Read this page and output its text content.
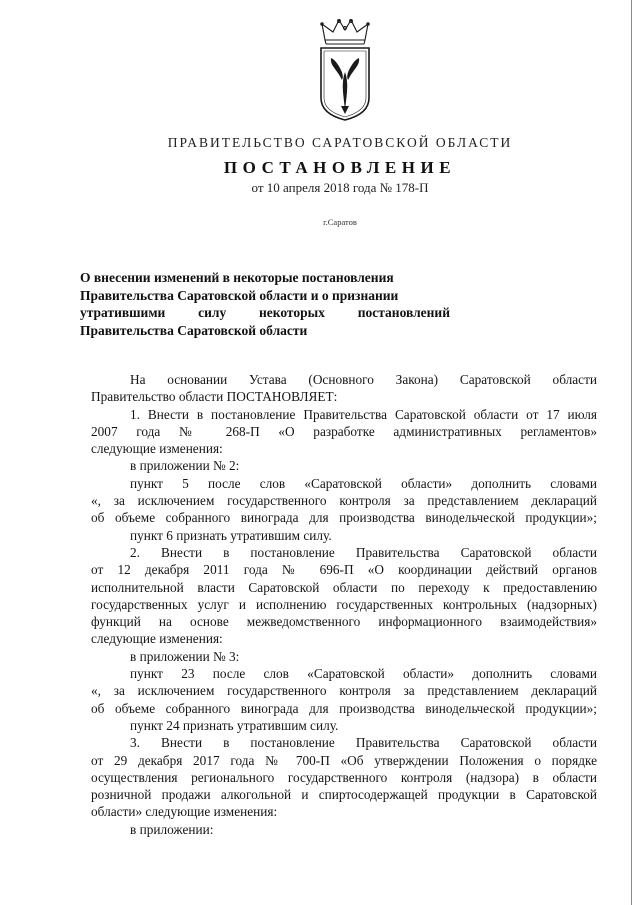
ПРАВИТЕЛЬСТВО САРАТОВСКОЙ ОБЛАСТИ
ПОСТАНОВЛЕНИЕ
от 10 апреля 2018 года № 178-П
г.Саратов
О внесении изменений в некоторые постановления
Правительства Саратовской области и о признании
утратившими силу некоторых постановлений
Правительства Саратовской области
На основании Устава (Основного Закона) Саратовской области
Правительство области ПОСТАНОВЛЯЕТ:
1. Внести в постановление Правительства Саратовской области от 17 июля
2007 года № 268-П «О разработке административных регламентов»
следующие изменения:
в приложении № 2:
пункт 5 после слов «Саратовской области» дополнить словами
«, за исключением государственного контроля за представлением деклараций
об объеме собранного винограда для производства винодельческой продукции»;
пункт 6 признать утратившим силу.
2. Внести в постановление Правительства Саратовской области
от 12 декабря 2011 года № 696-П «О координации действий органов
исполнительной власти Саратовской области по переходу к предоставлению
государственных услуг и исполнению государственных контрольных (надзорных)
функций на основе межведомственного информационного взаимодействия»
следующие изменения:
в приложении № 3:
пункт 23 после слов «Саратовской области» дополнить словами
«, за исключением государственного контроля за представлением деклараций
об объеме собранного винограда для производства винодельческой продукции»;
пункт 24 признать утратившим силу.
3. Внести в постановление Правительства Саратовской области
от 29 декабря 2017 года № 700-П «Об утверждении Положения о порядке
осуществления регионального государственного контроля (надзора) в области
розничной продажи алкогольной и спиртосодержащей продукции в Саратовской
области» следующие изменения:
в приложении:
